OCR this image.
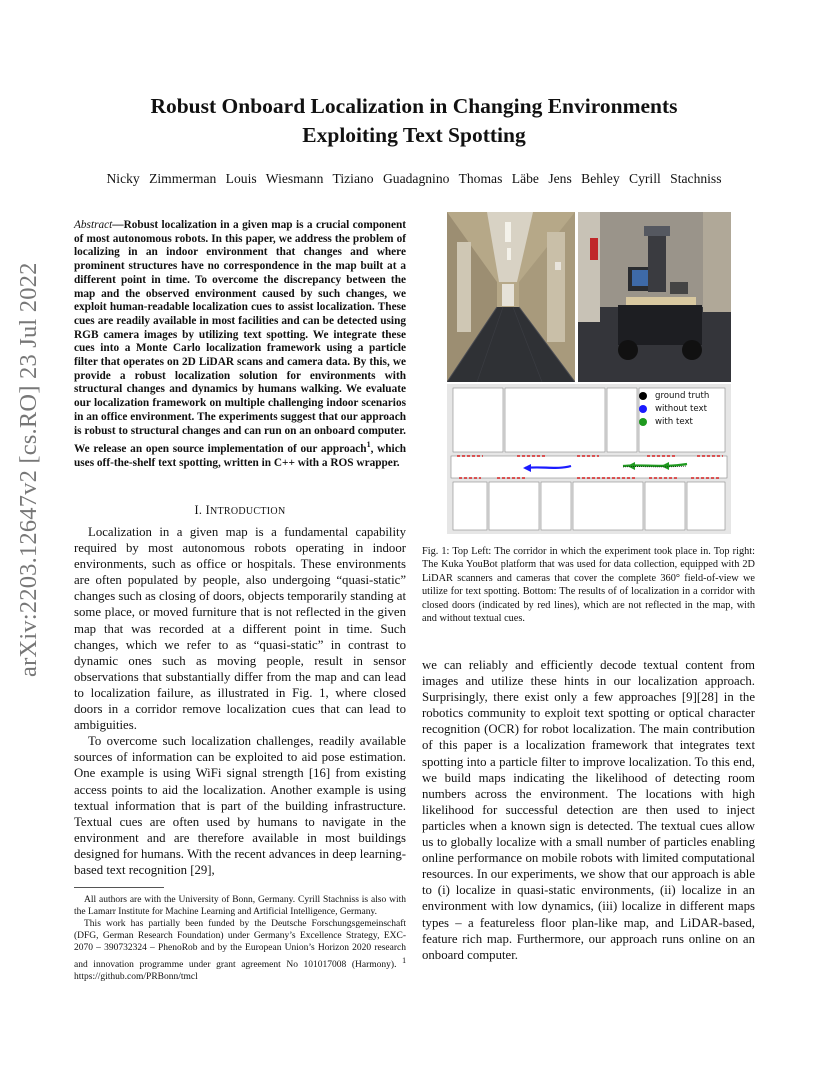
arXiv:2203.12647v2 [cs.RO] 23 Jul 2022
Robust Onboard Localization in Changing Environments
Exploiting Text Spotting
Nicky Zimmerman Louis Wiesmann Tiziano Guadagnino Thomas Läbe Jens Behley Cyrill Stachniss
Abstract—Robust localization in a given map is a crucial component of most autonomous robots. In this paper, we address the problem of localizing in an indoor environment that changes and where prominent structures have no correspondence in the map built at a different point in time. To overcome the discrepancy between the map and the observed environment caused by such changes, we exploit human-readable localization cues to assist localization. These cues are readily available in most facilities and can be detected using RGB camera images by utilizing text spotting. We integrate these cues into a Monte Carlo localization framework using a particle filter that operates on 2D LiDAR scans and camera data. By this, we provide a robust localization solution for environments with structural changes and dynamics by humans walking. We evaluate our localization framework on multiple challenging indoor scenarios in an office environment. The experiments suggest that our approach is robust to structural changes and can run on an onboard computer. We release an open source implementation of our approach$^1$, which uses off-the-shelf text spotting, written in C++ with a ROS wrapper.
I. INTRODUCTION

Localization in a given map is a fundamental capability required by most autonomous robots operating in indoor environments, such as office or hospitals. These environments are often populated by people, also undergoing “quasi-static” changes such as closing of doors, objects temporarily standing at some place, or moved furniture that is not reflected in the given map that was recorded at a different point in time. Such changes, which we refer to as “quasi-static” in contrast to dynamic ones such as moving people, result in sensor observations that substantially differ from the map and can lead to localization failure, as illustrated in Fig. 1, where closed doors in a corridor remove localization cues that can lead to ambiguities.

To overcome such localization challenges, readily available sources of information can be exploited to aid pose estimation. One example is using WiFi signal strength [16] from existing access points to aid the localization. Another example is using textual information that is part of the building infrastructure. Textual cues are often used by humans to navigate in the environment and are therefore available in most buildings designed for humans. With the recent advances in deep learning-based text recognition [29],

All authors are with the University of Bonn, Germany. Cyrill Stachniss is also with the Lamarr Institute for Machine Learning and Artificial Intelligence, Germany.

This work has partially been funded by the Deutsche Forschungsgemeinschaft (DFG, German Research Foundation) under Germany’s Excellence Strategy, EXC-2070 – 390732324 – PhenoRob and by the European Union’s Horizon 2020 research and innovation programme under grant agreement No 101017008 (Harmony). $^1$ https://github.com/PRBonn/tmcl

ground truth
without text
with text
Fig. 1: Top Left: The corridor in which the experiment took place in. Top right: The Kuka YouBot platform that was used for data collection, equipped with 2D LiDAR scanners and cameras that cover the complete 360° field-of-view we utilize for text spotting. Bottom: The results of of localization in a corridor with closed doors (indicated by red lines), which are not reflected in the map, with and without textual cues.

we can reliably and efficiently decode textual content from images and utilize these hints in our localization approach. Surprisingly, there exist only a few approaches [9][28] in the robotics community to exploit text spotting or optical character recognition (OCR) for robot localization. The main contribution of this paper is a localization framework that integrates text spotting into a particle filter to improve localization. To this end, we build maps indicating the likelihood of detecting room numbers across the environment. The locations with high likelihood for successful detection are then used to inject particles when a known sign is detected. The textual cues allow us to globally localize with a small number of particles enabling online performance on mobile robots with limited computational resources. In our experiments, we show that our approach is able to (i) localize in quasi-static environments, (ii) localize in an environment with low dynamics, (iii) localize in different maps types – a featureless floor plan-like map, and LiDAR-based, feature rich map. Furthermore, our approach runs online on an onboard computer.
